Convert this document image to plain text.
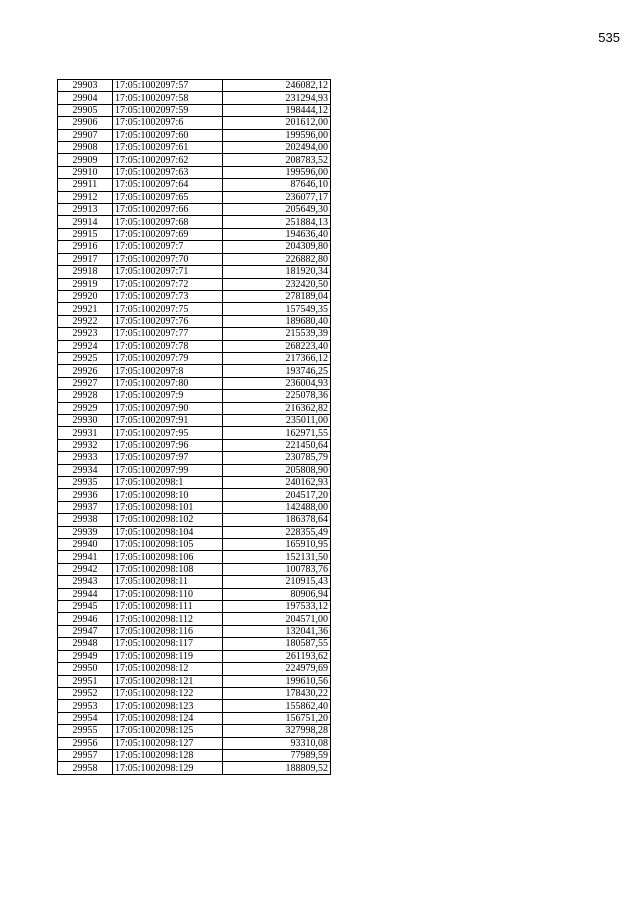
535
29903	17:05:1002097:57	246082,12
29904	17:05:1002097:58	231294,93
29905	17:05:1002097:59	198444,12
29906	17:05:1002097:6	201612,00
29907	17:05:1002097:60	199596,00
29908	17:05:1002097:61	202494,00
29909	17:05:1002097:62	208783,52
29910	17:05:1002097:63	199596,00
29911	17:05:1002097:64	87646,10
29912	17:05:1002097:65	236077,17
29913	17:05:1002097:66	205649,30
29914	17:05:1002097:68	251884,13
29915	17:05:1002097:69	194636,40
29916	17:05:1002097:7	204309,80
29917	17:05:1002097:70	226882,80
29918	17:05:1002097:71	181920,34
29919	17:05:1002097:72	232420,50
29920	17:05:1002097:73	278189,04
29921	17:05:1002097:75	157549,35
29922	17:05:1002097:76	189680,40
29923	17:05:1002097:77	215539,39
29924	17:05:1002097:78	268223,40
29925	17:05:1002097:79	217366,12
29926	17:05:1002097:8	193746,25
29927	17:05:1002097:80	236004,93
29928	17:05:1002097:9	225078,36
29929	17:05:1002097:90	216362,82
29930	17:05:1002097:91	235011,00
29931	17:05:1002097:95	162971,55
29932	17:05:1002097:96	221450,64
29933	17:05:1002097:97	230785,79
29934	17:05:1002097:99	205808,90
29935	17:05:1002098:1	240162,93
29936	17:05:1002098:10	204517,20
29937	17:05:1002098:101	142488,00
29938	17:05:1002098:102	186378,64
29939	17:05:1002098:104	228355,49
29940	17:05:1002098:105	165910,95
29941	17:05:1002098:106	152131,50
29942	17:05:1002098:108	100783,76
29943	17:05:1002098:11	210915,43
29944	17:05:1002098:110	80906,94
29945	17:05:1002098:111	197533,12
29946	17:05:1002098:112	204571,00
29947	17:05:1002098:116	132041,36
29948	17:05:1002098:117	180587,55
29949	17:05:1002098:119	261193,62
29950	17:05:1002098:12	224979,69
29951	17:05:1002098:121	199610,56
29952	17:05:1002098:122	178430,22
29953	17:05:1002098:123	155862,40
29954	17:05:1002098:124	156751,20
29955	17:05:1002098:125	327998,28
29956	17:05:1002098:127	93310,08
29957	17:05:1002098:128	77989,59
29958	17:05:1002098:129	188809,52
